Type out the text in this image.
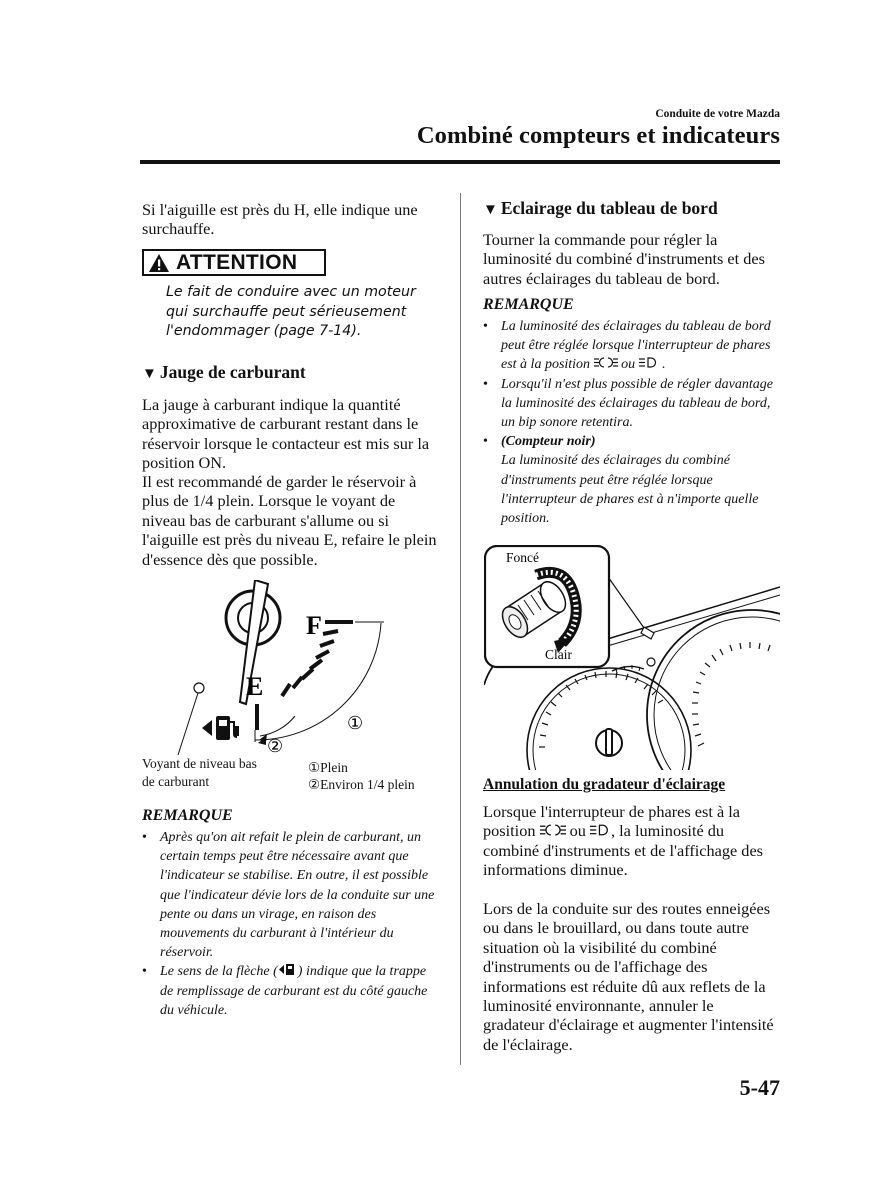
Conduite de votre Mazda
Combiné compteurs et indicateurs

Si l'aiguille est près du H, elle indique une surchauffe.

ATTENTION
Le fait de conduire avec un moteur qui surchauffe peut sérieusement l'endommager (page 7-14).

▼ Jauge de carburant

La jauge à carburant indique la quantité approximative de carburant restant dans le réservoir lorsque le contacteur est mis sur la position ON.

Il est recommandé de garder le réservoir à plus de 1/4 plein. Lorsque le voyant de niveau bas de carburant s'allume ou si l'aiguille est près du niveau E, refaire le plein d'essence dès que possible.

F
E
①
②
Voyant de niveau bas de carburant
①Plein
②Environ 1/4 plein

REMARQUE

• Après qu'on ait refait le plein de carburant, un certain temps peut être nécessaire avant que l'indicateur se stabilise. En outre, il est possible que l'indicateur dévie lors de la conduite sur une pente ou dans un virage, en raison des mouvements du carburant à l'intérieur du réservoir.
• Le sens de la flèche ( ) indique que la trappe de remplissage de carburant est du côté gauche du véhicule.

▼ Eclairage du tableau de bord

Tourner la commande pour régler la luminosité du combiné d'instruments et des autres éclairages du tableau de bord.

REMARQUE

• La luminosité des éclairages du tableau de bord peut être réglée lorsque l'interrupteur de phares est à la position ou .
• Lorsqu'il n'est plus possible de régler davantage la luminosité des éclairages du tableau de bord, un bip sonore retentira.
• (Compteur noir)
La luminosité des éclairages du combiné d'instruments peut être réglée lorsque l'interrupteur de phares est à n'importe quelle position.
Foncé
Clair

Annulation du gradateur d'éclairage

Lorsque l'interrupteur de phares est à la position ou , la luminosité du combiné d'instruments et de l'affichage des informations diminue.

Lors de la conduite sur des routes enneigées ou dans le brouillard, ou dans toute autre situation où la visibilité du combiné d'instruments ou de l'affichage des informations est réduite dû aux reflets de la luminosité environnante, annuler le gradateur d'éclairage et augmenter l'intensité de l'éclairage.

5-47
